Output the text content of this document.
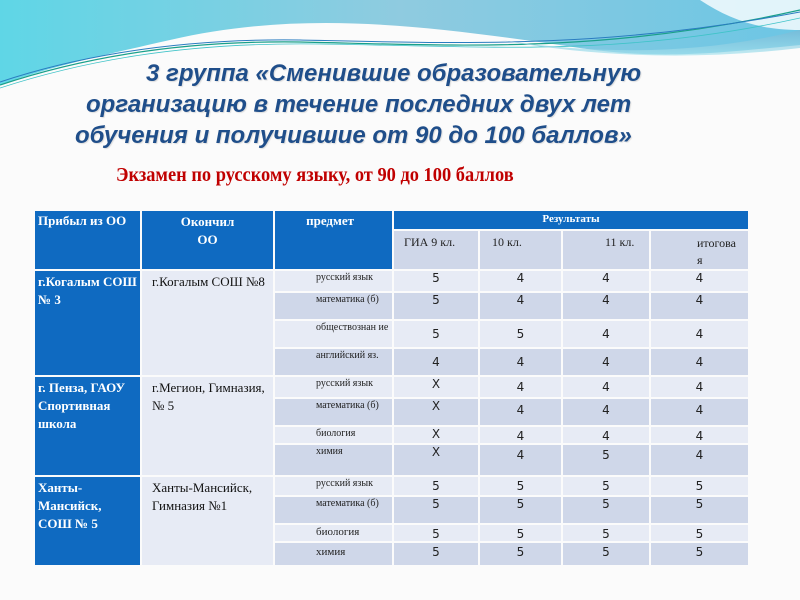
3 группа «Сменившие образовательную
организацию в течение последних двух лет
обучения и получившие от 90 до 100 баллов»
Экзамен по русскому языку, от 90 до 100 баллов
Прибыл из ОО	Окончил
ОО	предмет	Результаты			
			ГИА 9 кл.	10 кл.	11 кл.	итогова я
г.Когалым СОШ № 3	г.Когалым СОШ №8	русский язык	5	4	4	4
		математика (б)	5	4	4	4
		обществознан ие	5	5	4	4
		английский яз.	4	4	4	4
г. Пенза, ГАОУ Спортивная школа	г.Мегион, Гимназия, № 5	русский язык	Х	4	4	4
		математика (б)	Х	4	4	4
		биология	Х	4	4	4
		химия	Х	4	5	4
Ханты-Мансийск, СОШ № 5	Ханты-Мансийск, Гимназия №1	русский язык	5	5	5	5
		математика (б)	5	5	5	5
		биология	5	5	5	5
		химия	5	5	5	5
